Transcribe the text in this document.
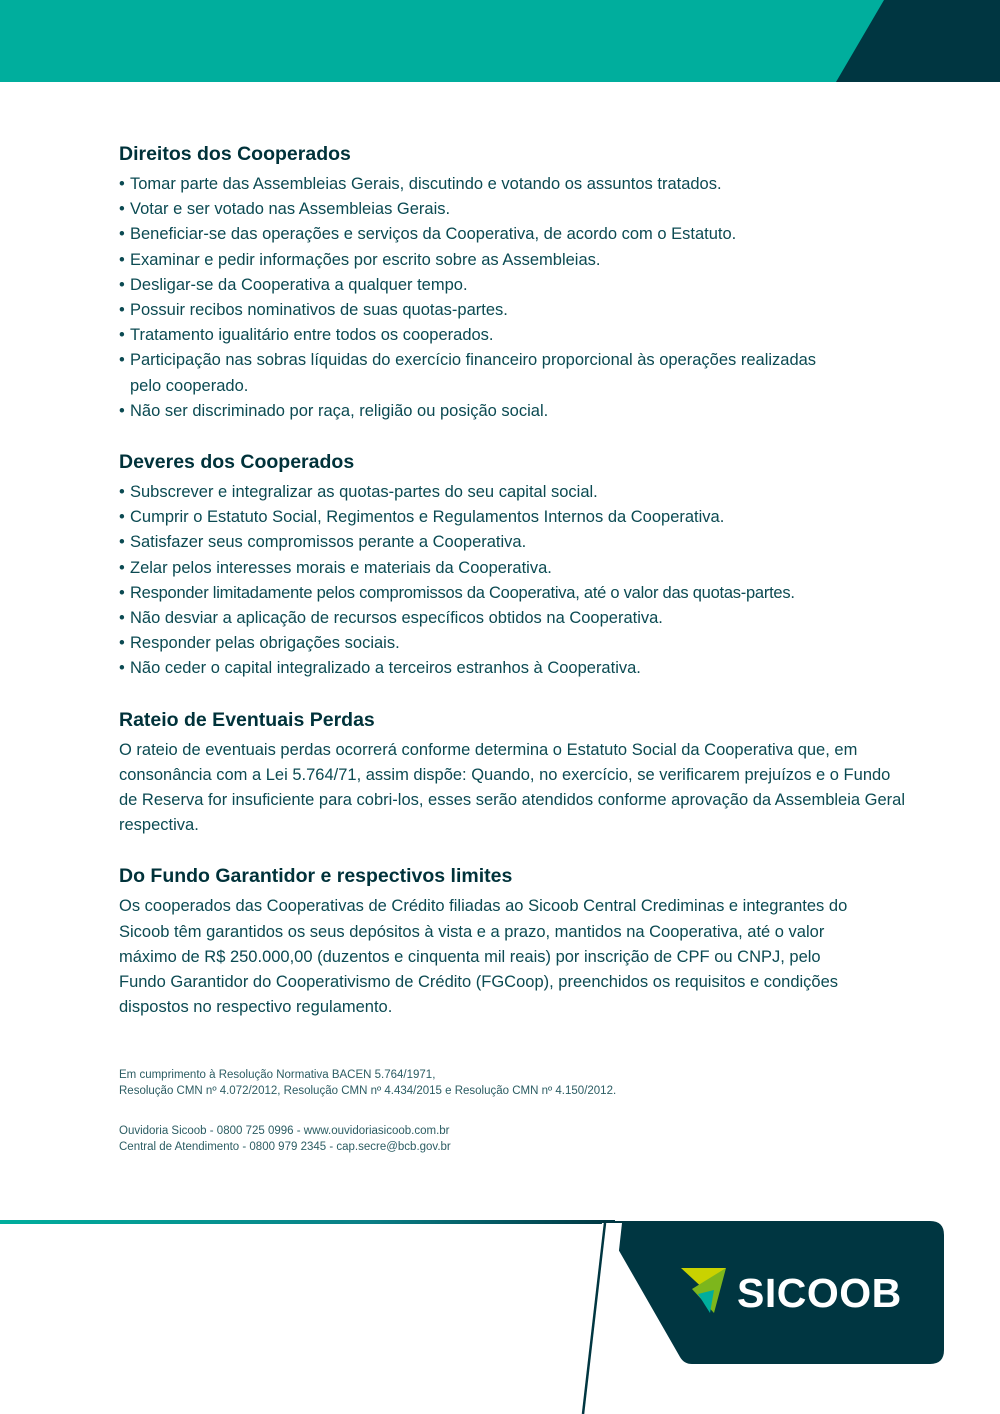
Direitos dos Cooperados
• Tomar parte das Assembleias Gerais, discutindo e votando os assuntos tratados.
• Votar e ser votado nas Assembleias Gerais.
• Beneficiar-se das operações e serviços da Cooperativa, de acordo com o Estatuto.
• Examinar e pedir informações por escrito sobre as Assembleias.
• Desligar-se da Cooperativa a qualquer tempo.
• Possuir recibos nominativos de suas quotas-partes.
• Tratamento igualitário entre todos os cooperados.
• Participação nas sobras líquidas do exercício financeiro proporcional às operações realizadas pelo cooperado.
• Não ser discriminado por raça, religião ou posição social.
Deveres dos Cooperados
• Subscrever e integralizar as quotas-partes do seu capital social.
• Cumprir o Estatuto Social, Regimentos e Regulamentos Internos da Cooperativa.
• Satisfazer seus compromissos perante a Cooperativa.
• Zelar pelos interesses morais e materiais da Cooperativa.
• Responder limitadamente pelos compromissos da Cooperativa, até o valor das quotas-partes.
• Não desviar a aplicação de recursos específicos obtidos na Cooperativa.
• Responder pelas obrigações sociais.
• Não ceder o capital integralizado a terceiros estranhos à Cooperativa.
Rateio de Eventuais Perdas

O rateio de eventuais perdas ocorrerá conforme determina o Estatuto Social da Cooperativa que, em consonância com a Lei 5.764/71, assim dispõe: Quando, no exercício, se verificarem prejuízos e o Fundo de Reserva for insuficiente para cobri-los, esses serão atendidos conforme aprovação da Assembleia Geral respectiva.

Do Fundo Garantidor e respectivos limites

Os cooperados das Cooperativas de Crédito filiadas ao Sicoob Central Crediminas e integrantes do Sicoob têm garantidos os seus depósitos à vista e a prazo, mantidos na Cooperativa, até o valor máximo de R$ 250.000,00 (duzentos e cinquenta mil reais) por inscrição de CPF ou CNPJ, pelo Fundo Garantidor do Cooperativismo de Crédito (FGCoop), preenchidos os requisitos e condições dispostos no respectivo regulamento.

Em cumprimento à Resolução Normativa BACEN 5.764/1971,

Resolução CMN nº 4.072/2012, Resolução CMN nº 4.434/2015 e Resolução CMN nº 4.150/2012.

Ouvidoria Sicoob - 0800 725 0996 - www.ouvidoriasicoob.com.br

Central de Atendimento - 0800 979 2345 - cap.secre@bcb.gov.br

SICOOB
